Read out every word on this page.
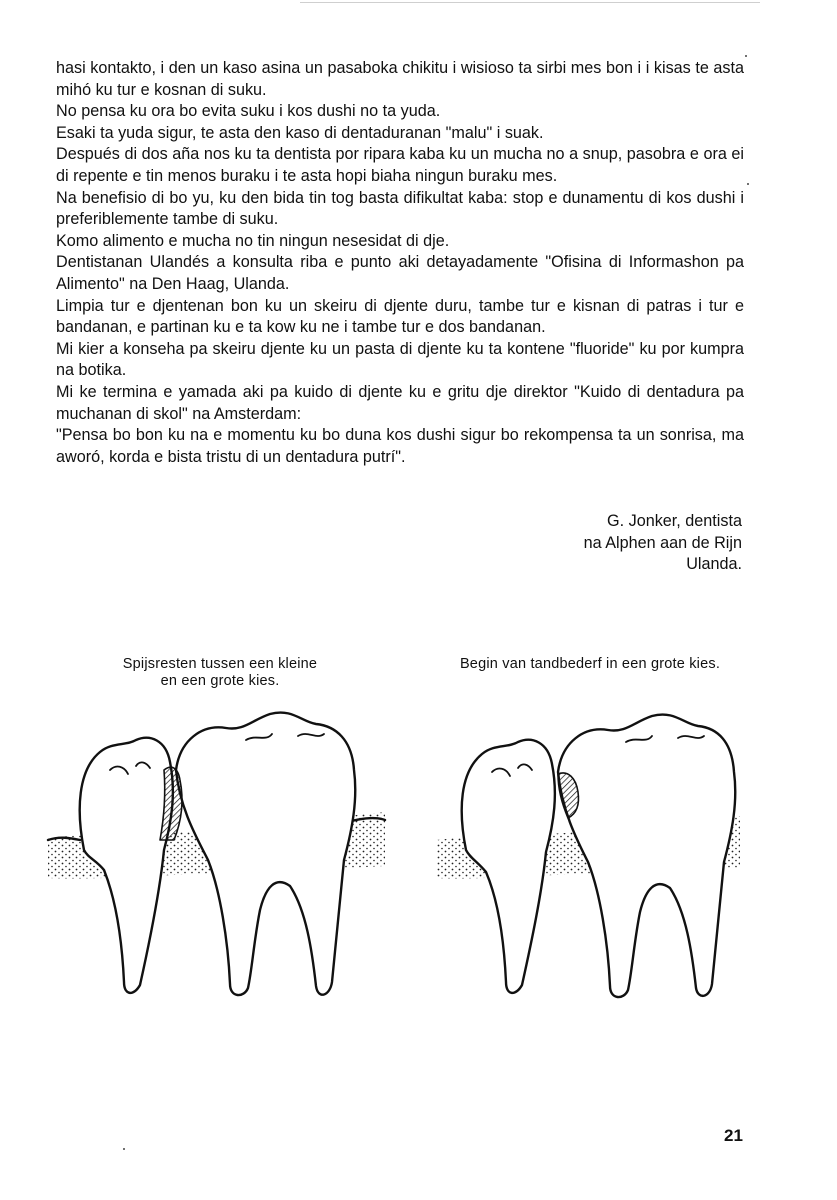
hasi kontakto, i den un kaso asina un pasaboka chikitu i wisioso ta sirbi mes bon i i kisas te asta mihó ku tur e kosnan di suku.

No pensa ku ora bo evita suku i kos dushi no ta yuda.

Esaki ta yuda sigur, te asta den kaso di dentaduranan "malu" i suak.

Después di dos aña nos ku ta dentista por ripara kaba ku un mucha no a snup, pasobra e ora ei di repente e tin menos buraku i te asta hopi biaha ningun buraku mes.

Na benefisio di bo yu, ku den bida tin tog basta difikultat kaba: stop e dunamentu di kos dushi i preferiblemente tambe di suku.

Komo alimento e mucha no tin ningun nesesidat di dje.

Dentistanan Ulandés a konsulta riba e punto aki detayadamente "Ofisina di Informashon pa Alimento" na Den Haag, Ulanda.

Limpia tur e djentenan bon ku un skeiru di djente duru, tambe tur e kisnan di patras i tur e bandanan, e partinan ku e ta kow ku ne i tambe tur e dos bandanan.

Mi kier a konseha pa skeiru djente ku un pasta di djente ku ta kontene "fluoride" ku por kumpra na botika.

Mi ke termina e yamada aki pa kuido di djente ku e gritu dje direktor "Kuido di dentadura pa muchanan di skol" na Amsterdam:

"Pensa bo bon ku na e momentu ku bo duna kos dushi sigur bo rekompensa ta un sonrisa, ma aworó, korda e bista tristu di un dentadura putrí".

G. Jonker, dentista
na Alphen aan de Rijn
Ulanda.
Spijsresten tussen een kleine
en een grote kies.
Begin van tandbederf in een grote kies.
21
